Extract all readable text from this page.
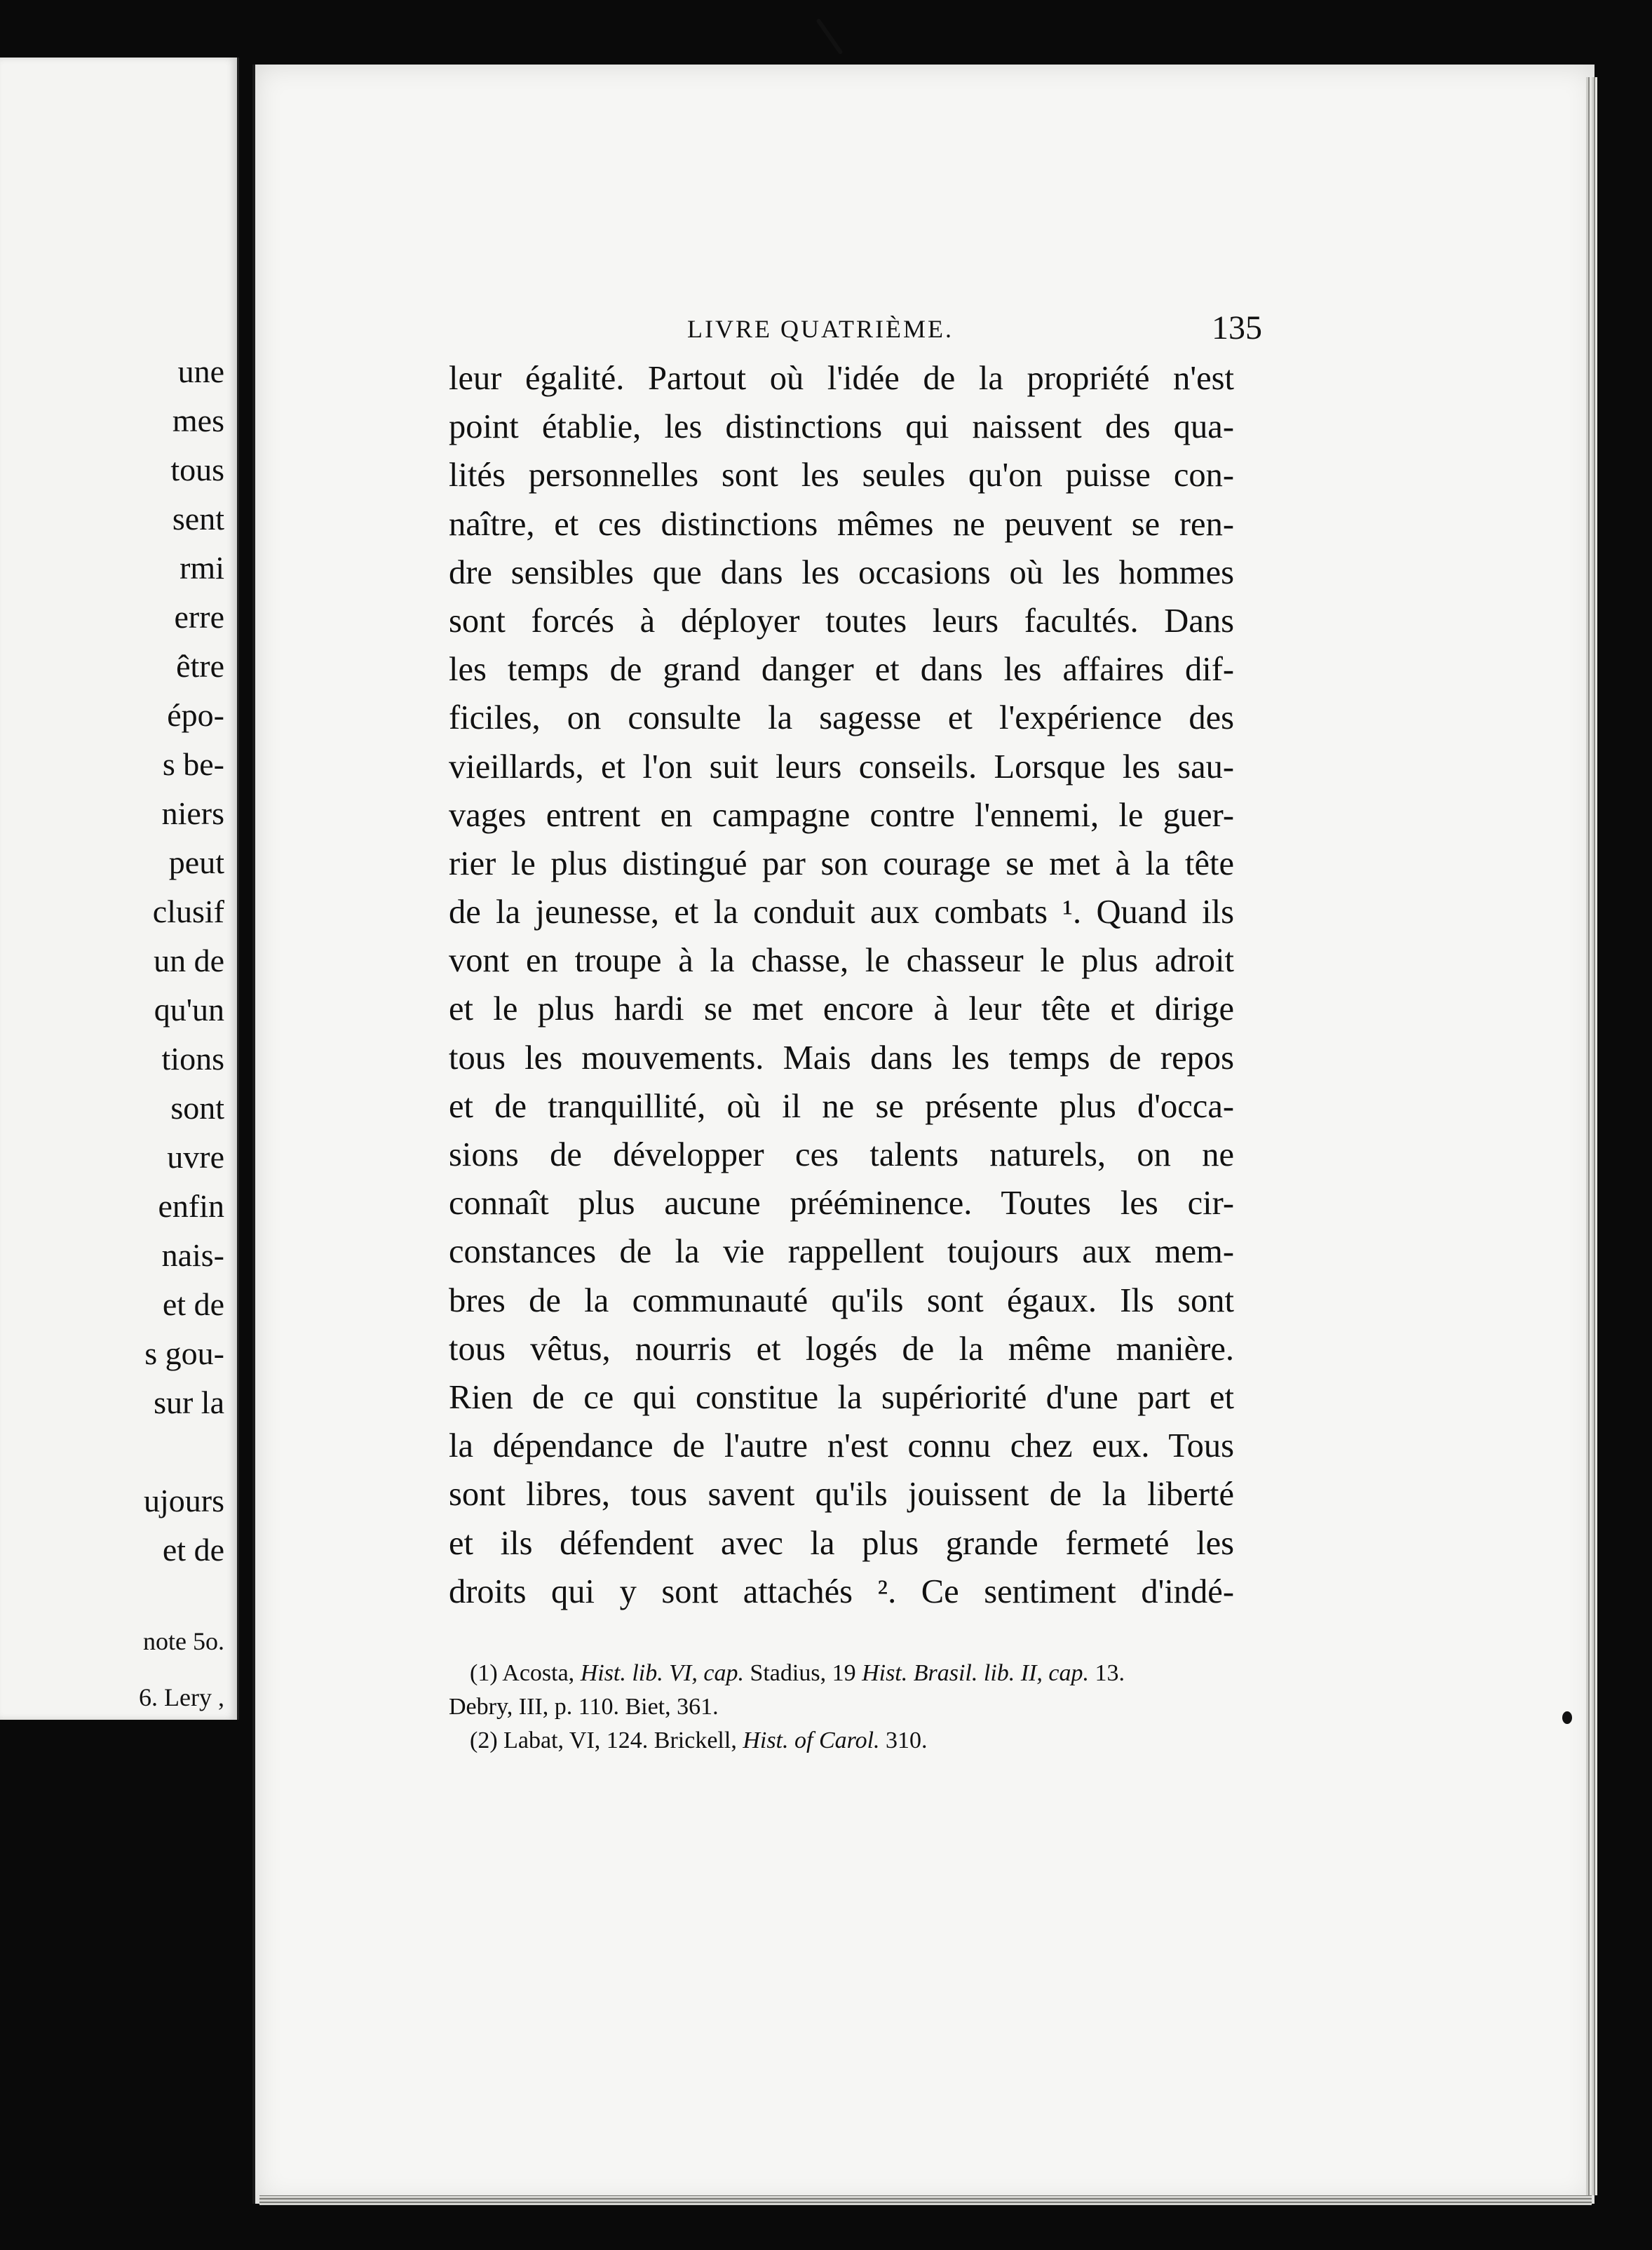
une
mes
tous
sent
rmi
erre
être
épo-
s be-
niers
peut
clusif
un de
qu'un
tions
sont
uvre
enfin
nais-
et de
s gou-
sur la
ujours
et de
note 5o.
6. Lery ,
LIVRE QUATRIÈME.	135
leur égalité. Partout où l'idée de la propriété n'est
point établie, les distinctions qui naissent des qua-
lités personnelles sont les seules qu'on puisse con-
naître, et ces distinctions mêmes ne peuvent se ren-
dre sensibles que dans les occasions où les hommes
sont forcés à déployer toutes leurs facultés. Dans
les temps de grand danger et dans les affaires dif-
ficiles, on consulte la sagesse et l'expérience des
vieillards, et l'on suit leurs conseils. Lorsque les sau-
vages entrent en campagne contre l'ennemi, le guer-
rier le plus distingué par son courage se met à la tête
de la jeunesse, et la conduit aux combats ¹. Quand ils
vont en troupe à la chasse, le chasseur le plus adroit
et le plus hardi se met encore à leur tête et dirige
tous les mouvements. Mais dans les temps de repos
et de tranquillité, où il ne se présente plus d'occa-
sions de développer ces talents naturels, on ne
connaît plus aucune prééminence. Toutes les cir-
constances de la vie rappellent toujours aux mem-
bres de la communauté qu'ils sont égaux. Ils sont
tous vêtus, nourris et logés de la même manière.
Rien de ce qui constitue la supériorité d'une part et
la dépendance de l'autre n'est connu chez eux. Tous
sont libres, tous savent qu'ils jouissent de la liberté
et ils défendent avec la plus grande fermeté les
droits qui y sont attachés ². Ce sentiment d'indé-
(1) Acosta, Hist. lib. VI, cap. Stadius, 19 Hist. Brasil. lib. II, cap. 13.
Debry, III, p. 110. Biet, 361.
(2) Labat, VI, 124. Brickell, Hist. of Carol. 310.
